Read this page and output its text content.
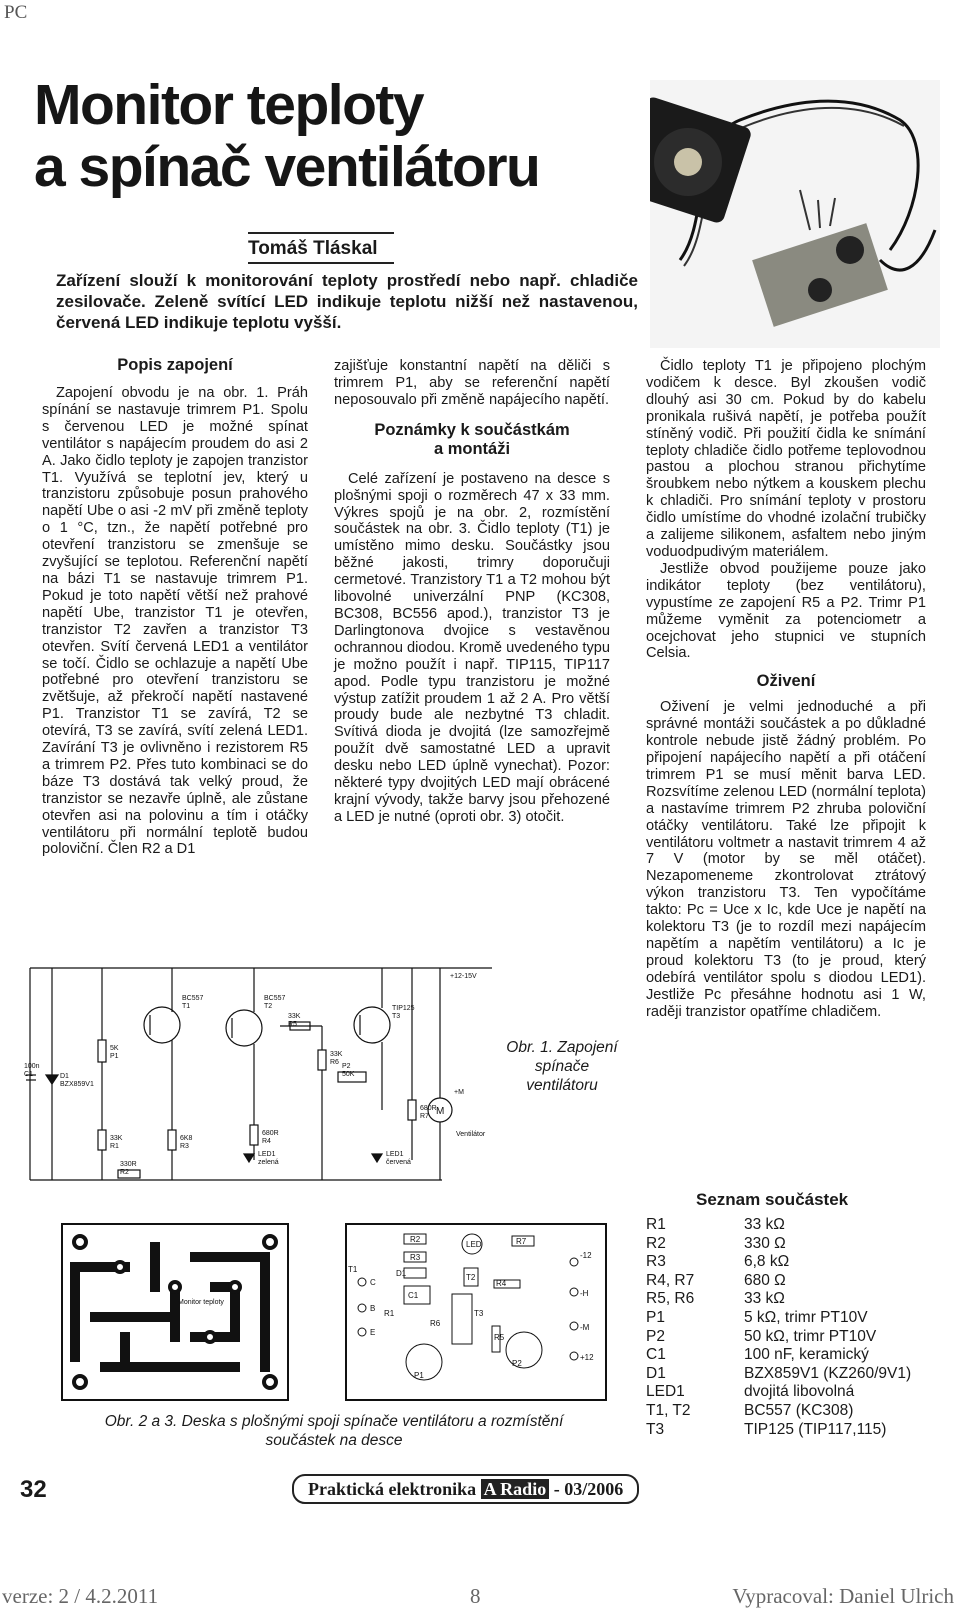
PC
Monitor teploty
a spínač ventilátoru
Tomáš Tláskal
Zařízení slouží k monitorování teploty prostředí nebo např. chladiče zesilovače. Zeleně svítící LED indikuje teplotu nižší než nastavenou, červená LED indikuje teplotu vyšší.
Popis zapojení

Zapojení obvodu je na obr. 1. Práh spínání se nastavuje trimrem P1. Spolu s červenou LED je možné spínat ventilátor s napájecím proudem do asi 2 A. Jako čidlo teploty je zapojen tranzistor T1. Využívá se teplotní jev, který u tranzistoru způsobuje posun prahového napětí Ube o asi -2 mV při změně teploty o 1 °C, tzn., že napětí potřebné pro otevření tranzistoru se zmenšuje se zvyšující se teplotou. Referenční napětí na bázi T1 se nastavuje trimrem P1. Pokud je toto napětí větší než prahové napětí Ube, tranzistor T1 je otevřen, tranzistor T2 zavřen a tranzistor T3 otevřen. Svítí červená LED1 a ventilátor se točí. Čidlo se ochlazuje a napětí Ube potřebné pro otevření tranzistoru se zvětšuje, až překročí napětí nastavené P1. Tranzistor T1 se zavírá, T2 se otevírá, T3 se zavírá, svítí zelená LED1. Zavírání T3 je ovlivněno i rezistorem R5 a trimrem P2. Přes tuto kombinaci se do báze T3 dostává tak velký proud, že tranzistor se nezavře úplně, ale zůstane otevřen asi na polovinu a tím i otáčky ventilátoru při normální teplotě budou poloviční. Člen R2 a D1

zajišťuje konstantní napětí na děliči s trimrem P1, aby se referenční napětí neposouvalo při změně napájecího napětí.

Poznámky k součástkám
a montáži

Celé zařízení je postaveno na desce s plošnými spoji o rozměrech 47 x 33 mm. Výkres spojů je na obr. 2, rozmístění součástek na obr. 3. Čidlo teploty (T1) je umístěno mimo desku. Součástky jsou běžné jakosti, trimry doporučuji cermetové. Tranzistory T1 a T2 mohou být libovolné univerzální PNP (KC308, BC308, BC556 apod.), tranzistor T3 je Darlingtonova dvojice s vestavěnou ochrannou diodou. Kromě uvedeného typu je možno použít i např. TIP115, TIP117 apod. Podle typu tranzistoru je možné výstup zatížit proudem 1 až 2 A. Pro větší proudy bude ale nezbytné T3 chladit. Svítivá dioda je dvojitá (lze samozřejmě použít dvě samostatné LED a upravit desku nebo LED úplně vynechat). Pozor: některé typy dvojitých LED mají obrácené krajní vývody, takže barvy jsou přehozené a LED je nutné (oproti obr. 3) otočit.

Čidlo teploty T1 je připojeno plochým vodičem k desce. Byl zkoušen vodič dlouhý asi 30 cm. Pokud by do kabelu pronikala rušivá napětí, je potřeba použít stíněný vodič. Při použití čidla ke snímání teploty chladiče čidlo potřeme teplovodnou pastou a plochou stranou přichytíme šroubkem nebo nýtkem a kouskem plechu k chladiči. Pro snímání teploty v prostoru čidlo umístíme do vhodné izolační trubičky a zalijeme silikonem, asfaltem nebo jiným voduodpudivým materiálem.

Jestliže obvod použijeme pouze jako indikátor teploty (bez ventilátoru), vypustíme ze zapojení R5 a P2. Trimr P1 můžeme vyměnit za potenciometr a ocejchovat jeho stupnici ve stupních Celsia.

Oživení

Oživení je velmi jednoduché a při správné montáži součástek a po důkladné kontrole nebude jistě žádný problém. Po připojení napájecího napětí a při otáčení trimrem P1 se musí měnit barva LED. Rozsvítíme zelenou LED (normální teplota) a nastavíme trimrem P2 zhruba poloviční otáčky ventilátoru. Také lze připojit k ventilátoru voltmetr a nastavit trimrem 4 až 7 V (motor by se měl otáčet). Nezapomeneme zkontrolovat ztrátový výkon tranzistoru T3. Ten vypočítáme takto: Pc = Uce x Ic, kde Uce je napětí na kolektoru T3 (je to rozdíl mezi napájecím napětím a napětím ventilátoru) a Ic je proud kolektoru T3 (to je proud, který odebírá ventilátor spolu s diodou LED1). Jestliže Pc přesáhne hodnotu asi 1 W, raději tranzistor opatříme chladičem.

+12-15V
BC557 T1
BC557 T2	TIP125 T3
33K R5
33K R6
P2 50K
5K P1
100n C1	D1 BZX859V1
33K R1
330R R2
6K8 R3
680R R4
680R R7
LED1 zelená
LED1 červená
M
+M
Ventilátor
Obr. 1. Zapojení spínače ventilátoru
Monitor teploty
R2
R3
D1
C1
LED	R7
T2
R4
T3
R5
R6
R1
T1
P1
P2
C
B
E
-12
-H
-M
+12
Obr. 2 a 3. Deska s plošnými spoji spínače ventilátoru a rozmístění součástek na desce
Seznam součástek
R1	33 kΩ
R2	330 Ω
R3	6,8 kΩ
R4, R7	680 Ω
R5, R6	33 kΩ
P1	5 kΩ, trimr PT10V
P2	50 kΩ, trimr PT10V
C1	100 nF, keramický
D1	BZX859V1 (KZ260/9V1)
LED1	dvojitá libovolná
T1, T2	BC557 (KC308)
T3	TIP125 (TIP117,115)
32	Praktická elektronika A Radio - 03/2006
verze: 2 / 4.2.2011	8	Vypracoval: Daniel Ulrich
